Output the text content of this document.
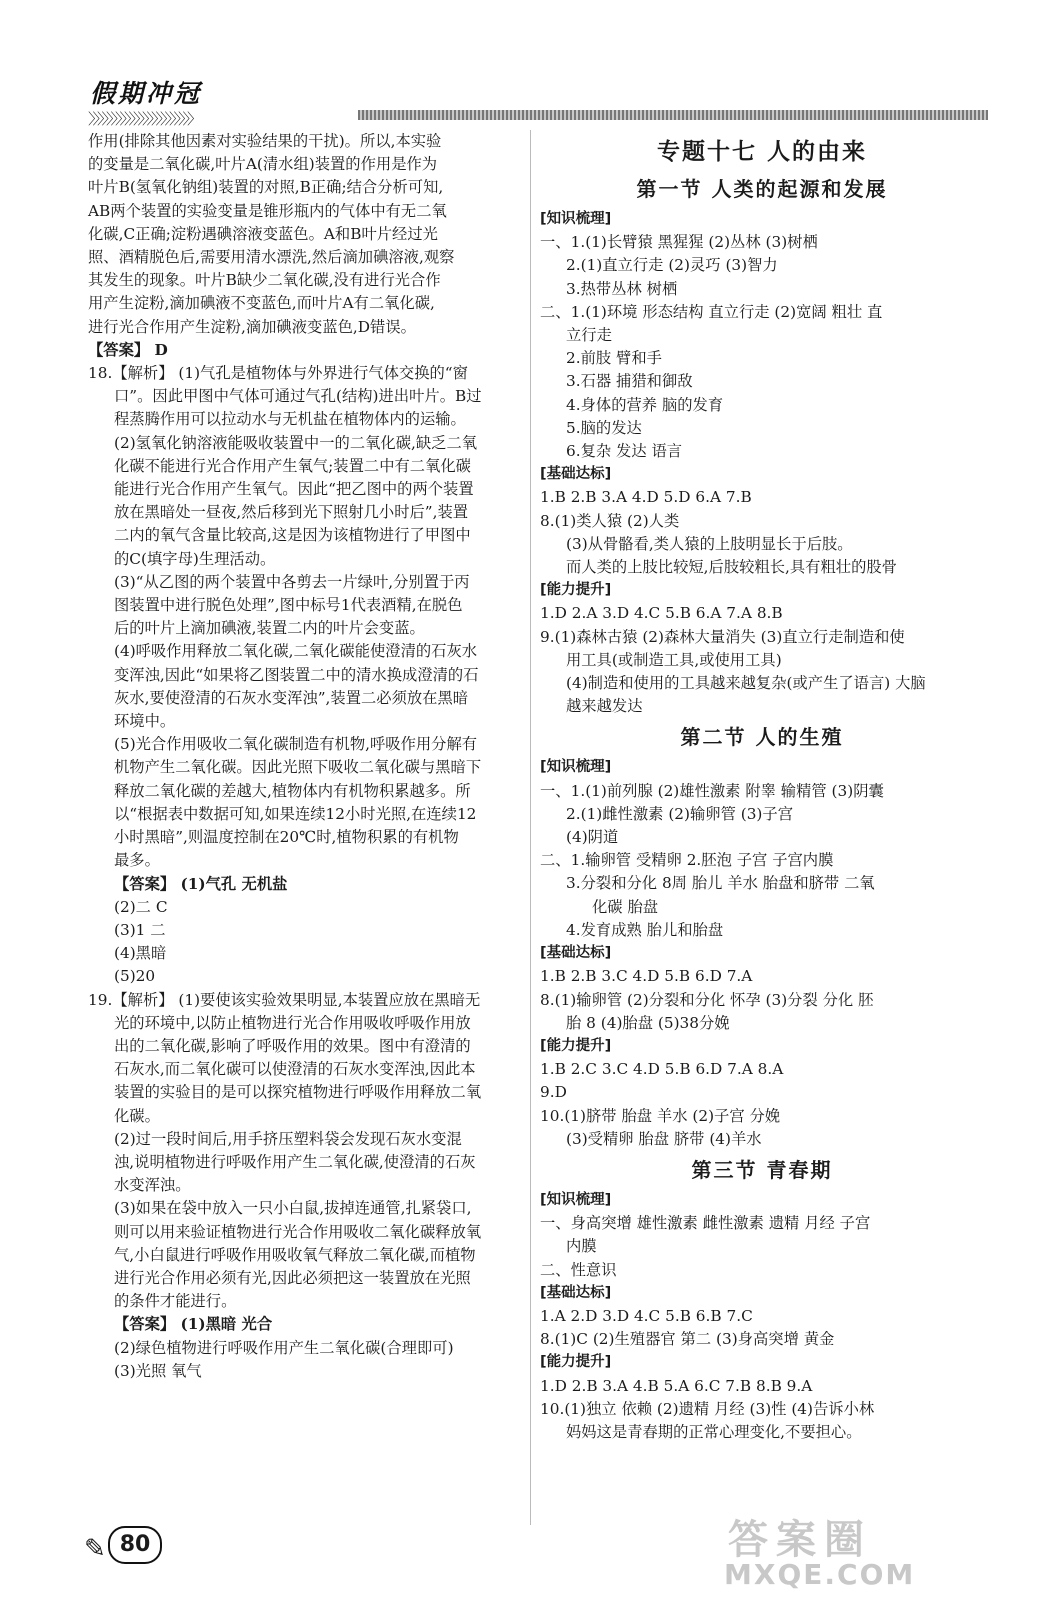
假期冲冠
〉〉〉〉〉〉〉〉〉〉〉〉〉〉〉〉〉〉〉〉〉〉〉

作用(排除其他因素对实验结果的干扰)。所以,本实验

的变量是二氧化碳,叶片A(清水组)装置的作用是作为

叶片B(氢氧化钠组)装置的对照,B正确;结合分析可知,

AB两个装置的实验变量是锥形瓶内的气体中有无二氧

化碳,C正确;淀粉遇碘溶液变蓝色。A和B叶片经过光

照、酒精脱色后,需要用清水漂洗,然后滴加碘溶液,观察

其发生的现象。叶片B缺少二氧化碳,没有进行光合作

用产生淀粉,滴加碘液不变蓝色,而叶片A有二氧化碳,

进行光合作用产生淀粉,滴加碘液变蓝色,D错误。

【答案】 D

18.【解析】 (1)气孔是植物体与外界进行气体交换的“窗

口”。因此甲图中气体可通过气孔(结构)进出叶片。B过

程蒸腾作用可以拉动水与无机盐在植物体内的运输。

(2)氢氧化钠溶液能吸收装置中一的二氧化碳,缺乏二氧

化碳不能进行光合作用产生氧气;装置二中有二氧化碳

能进行光合作用产生氧气。因此“把乙图中的两个装置

放在黑暗处一昼夜,然后移到光下照射几小时后”,装置

二内的氧气含量比较高,这是因为该植物进行了甲图中

的C(填字母)生理活动。

(3)“从乙图的两个装置中各剪去一片绿叶,分别置于丙

图装置中进行脱色处理”,图中标号1代表酒精,在脱色

后的叶片上滴加碘液,装置二内的叶片会变蓝。

(4)呼吸作用释放二氧化碳,二氧化碳能使澄清的石灰水

变浑浊,因此“如果将乙图装置二中的清水换成澄清的石

灰水,要使澄清的石灰水变浑浊”,装置二必须放在黑暗

环境中。

(5)光合作用吸收二氧化碳制造有机物,呼吸作用分解有

机物产生二氧化碳。因此光照下吸收二氧化碳与黑暗下

释放二氧化碳的差越大,植物体内有机物积累越多。所

以“根据表中数据可知,如果连续12小时光照,在连续12

小时黑暗”,则温度控制在20℃时,植物积累的有机物

最多。

【答案】 (1)气孔 无机盐

(2)二 C

(3)1 二

(4)黑暗

(5)20

19.【解析】 (1)要使该实验效果明显,本装置应放在黑暗无

光的环境中,以防止植物进行光合作用吸收呼吸作用放

出的二氧化碳,影响了呼吸作用的效果。图中有澄清的

石灰水,而二氧化碳可以使澄清的石灰水变浑浊,因此本

装置的实验目的是可以探究植物进行呼吸作用释放二氧

化碳。

(2)过一段时间后,用手挤压塑料袋会发现石灰水变混

浊,说明植物进行呼吸作用产生二氧化碳,使澄清的石灰

水变浑浊。

(3)如果在袋中放入一只小白鼠,拔掉连通管,扎紧袋口,

则可以用来验证植物进行光合作用吸收二氧化碳释放氧

气,小白鼠进行呼吸作用吸收氧气释放二氧化碳,而植物

进行光合作用必须有光,因此必须把这一装置放在光照

的条件才能进行。

【答案】 (1)黑暗 光合

(2)绿色植物进行呼吸作用产生二氧化碳(合理即可)

(3)光照 氧气

专题十七 人的由来
第一节 人类的起源和发展

[知识梳理]

一、1.(1)长臂猿 黑猩猩 (2)丛林 (3)树栖

2.(1)直立行走 (2)灵巧 (3)智力

3.热带丛林 树栖

二、1.(1)环境 形态结构 直立行走 (2)宽阔 粗壮 直

立行走

2.前肢 臂和手

3.石器 捕猎和御敌

4.身体的营养 脑的发育

5.脑的发达

6.复杂 发达 语言

[基础达标]

1.B 2.B 3.A 4.D 5.D 6.A 7.B

8.(1)类人猿 (2)人类

(3)从骨骼看,类人猿的上肢明显长于后肢。

而人类的上肢比较短,后肢较粗长,具有粗壮的股骨

[能力提升]

1.D 2.A 3.D 4.C 5.B 6.A 7.A 8.B

9.(1)森林古猿 (2)森林大量消失 (3)直立行走制造和使

用工具(或制造工具,或使用工具)

(4)制造和使用的工具越来越复杂(或产生了语言) 大脑

越来越发达

第二节 人的生殖

[知识梳理]

一、1.(1)前列腺 (2)雄性激素 附睾 输精管 (3)阴囊

2.(1)雌性激素 (2)输卵管 (3)子宫

(4)阴道

二、1.输卵管 受精卵 2.胚泡 子宫 子宫内膜

3.分裂和分化 8周 胎儿 羊水 胎盘和脐带 二氧

化碳 胎盘

4.发育成熟 胎儿和胎盘

[基础达标]

1.B 2.B 3.C 4.D 5.B 6.D 7.A

8.(1)输卵管 (2)分裂和分化 怀孕 (3)分裂 分化 胚

胎 8 (4)胎盘 (5)38分娩

[能力提升]

1.B 2.C 3.C 4.D 5.B 6.D 7.A 8.A

9.D

10.(1)脐带 胎盘 羊水 (2)子宫 分娩

(3)受精卵 胎盘 脐带 (4)羊水

第三节 青春期

[知识梳理]

一、身高突增 雄性激素 雌性激素 遗精 月经 子宫

内膜

二、性意识

[基础达标]

1.A 2.D 3.D 4.C 5.B 6.B 7.C

8.(1)C (2)生殖器官 第二 (3)身高突增 黄金

[能力提升]

1.D 2.B 3.A 4.B 5.A 6.C 7.B 8.B 9.A

10.(1)独立 依赖 (2)遗精 月经 (3)性 (4)告诉小林

妈妈这是青春期的正常心理变化,不要担心。

✎ 80	答案圈
MXQE.COM
